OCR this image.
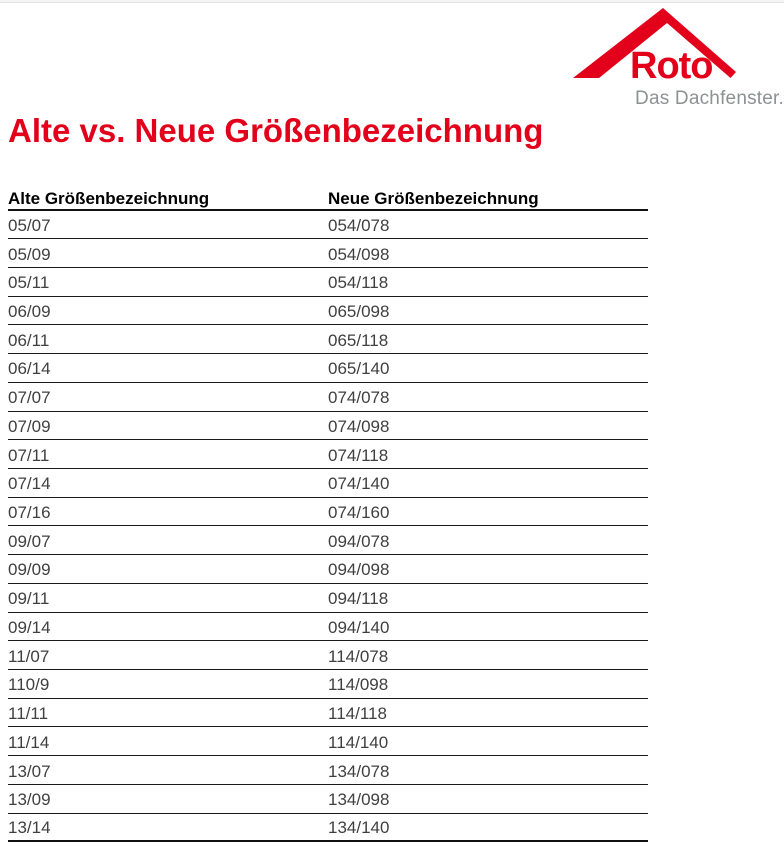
Roto
Das Dachfenster.
Alte vs. Neue Größenbezeichnung
Alte Größenbezeichnung	Neue Größenbezeichnung
05/07	054/078
05/09	054/098
05/11	054/118
06/09	065/098
06/11	065/118
06/14	065/140
07/07	074/078
07/09	074/098
07/11	074/118
07/14	074/140
07/16	074/160
09/07	094/078
09/09	094/098
09/11	094/118
09/14	094/140
11/07	114/078
110/9	114/098
11/11	114/118
11/14	114/140
13/07	134/078
13/09	134/098
13/14	134/140
